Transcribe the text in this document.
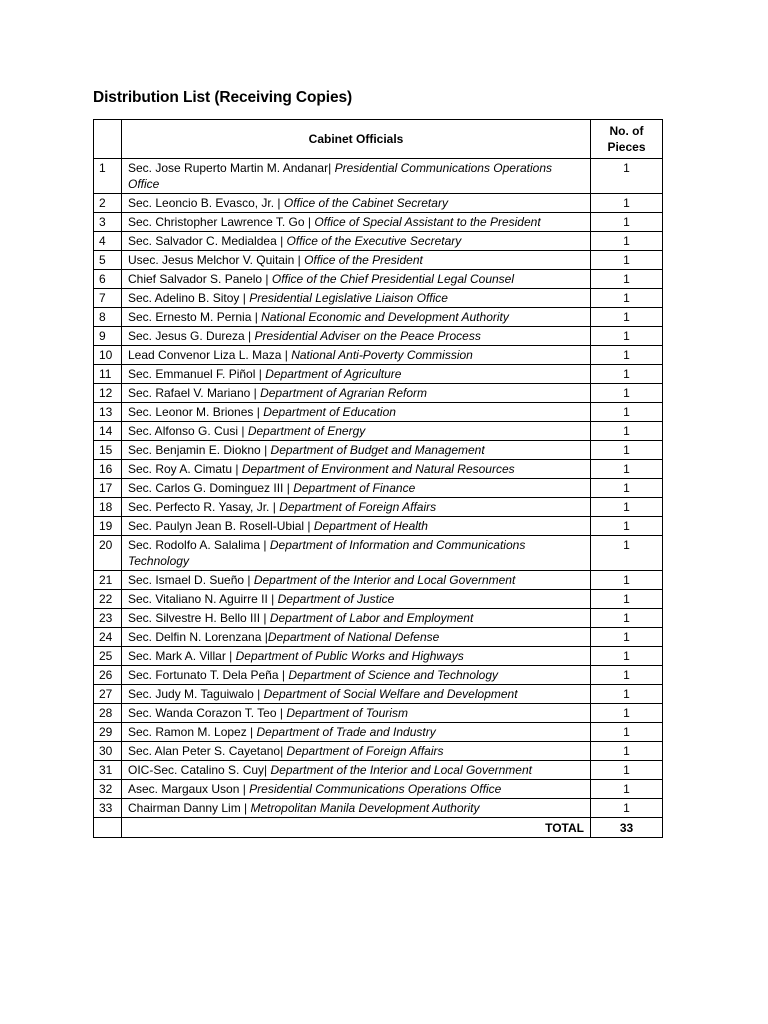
Distribution List (Receiving Copies)
	Cabinet Officials	No. of Pieces
1	Sec. Jose Ruperto Martin M. Andanar| Presidential Communications Operations Office	1
2	Sec. Leoncio B. Evasco, Jr. | Office of the Cabinet Secretary	1
3	Sec. Christopher Lawrence T. Go | Office of Special Assistant to the President	1
4	Sec. Salvador C. Medialdea | Office of the Executive Secretary	1
5	Usec. Jesus Melchor V. Quitain | Office of the President	1
6	Chief Salvador S. Panelo | Office of the Chief Presidential Legal Counsel	1
7	Sec. Adelino B. Sitoy | Presidential Legislative Liaison Office	1
8	Sec. Ernesto M. Pernia | National Economic and Development Authority	1
9	Sec. Jesus G. Dureza | Presidential Adviser on the Peace Process	1
10	Lead Convenor Liza L. Maza | National Anti-Poverty Commission	1
11	Sec. Emmanuel F. Piñol | Department of Agriculture	1
12	Sec. Rafael V. Mariano | Department of Agrarian Reform	1
13	Sec. Leonor M. Briones | Department of Education	1
14	Sec. Alfonso G. Cusi | Department of Energy	1
15	Sec. Benjamin E. Diokno | Department of Budget and Management	1
16	Sec. Roy A. Cimatu | Department of Environment and Natural Resources	1
17	Sec. Carlos G. Dominguez III | Department of Finance	1
18	Sec. Perfecto R. Yasay, Jr. | Department of Foreign Affairs	1
19	Sec. Paulyn Jean B. Rosell-Ubial | Department of Health	1
20	Sec. Rodolfo A. Salalima | Department of Information and Communications Technology	1
21	Sec. Ismael D. Sueño | Department of the Interior and Local Government	1
22	Sec. Vitaliano N. Aguirre II | Department of Justice	1
23	Sec. Silvestre H. Bello III | Department of Labor and Employment	1
24	Sec. Delfin N. Lorenzana |Department of National Defense	1
25	Sec. Mark A. Villar | Department of Public Works and Highways	1
26	Sec. Fortunato T. Dela Peña | Department of Science and Technology	1
27	Sec. Judy M. Taguiwalo | Department of Social Welfare and Development	1
28	Sec. Wanda Corazon T. Teo | Department of Tourism	1
29	Sec. Ramon M. Lopez | Department of Trade and Industry	1
30	Sec. Alan Peter S. Cayetano| Department of Foreign Affairs	1
31	OIC-Sec. Catalino S. Cuy| Department of the Interior and Local Government	1
32	Asec. Margaux Uson | Presidential Communications Operations Office	1
33	Chairman Danny Lim | Metropolitan Manila Development Authority	1
	TOTAL	33
